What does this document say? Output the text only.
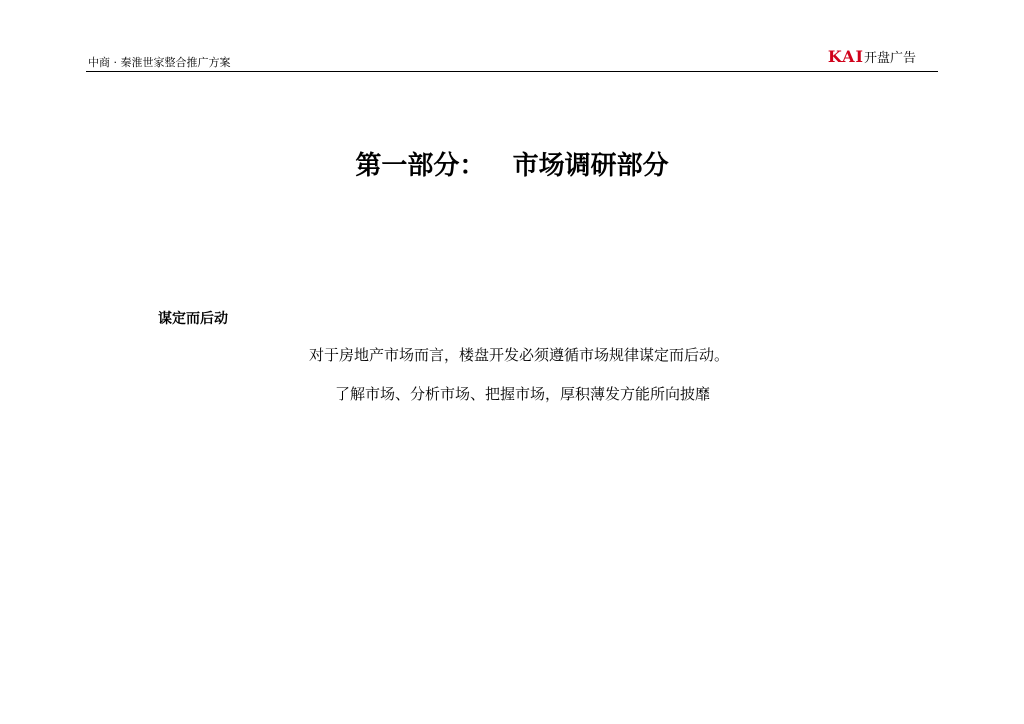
中商 · 秦淮世家整合推广方案	KAI开盘广告
第一部分：   市场调研部分
谋定而后动
对于房地产市场而言，楼盘开发必须遵循市场规律谋定而后动。
了解市场、分析市场、把握市场，厚积薄发方能所向披靡
